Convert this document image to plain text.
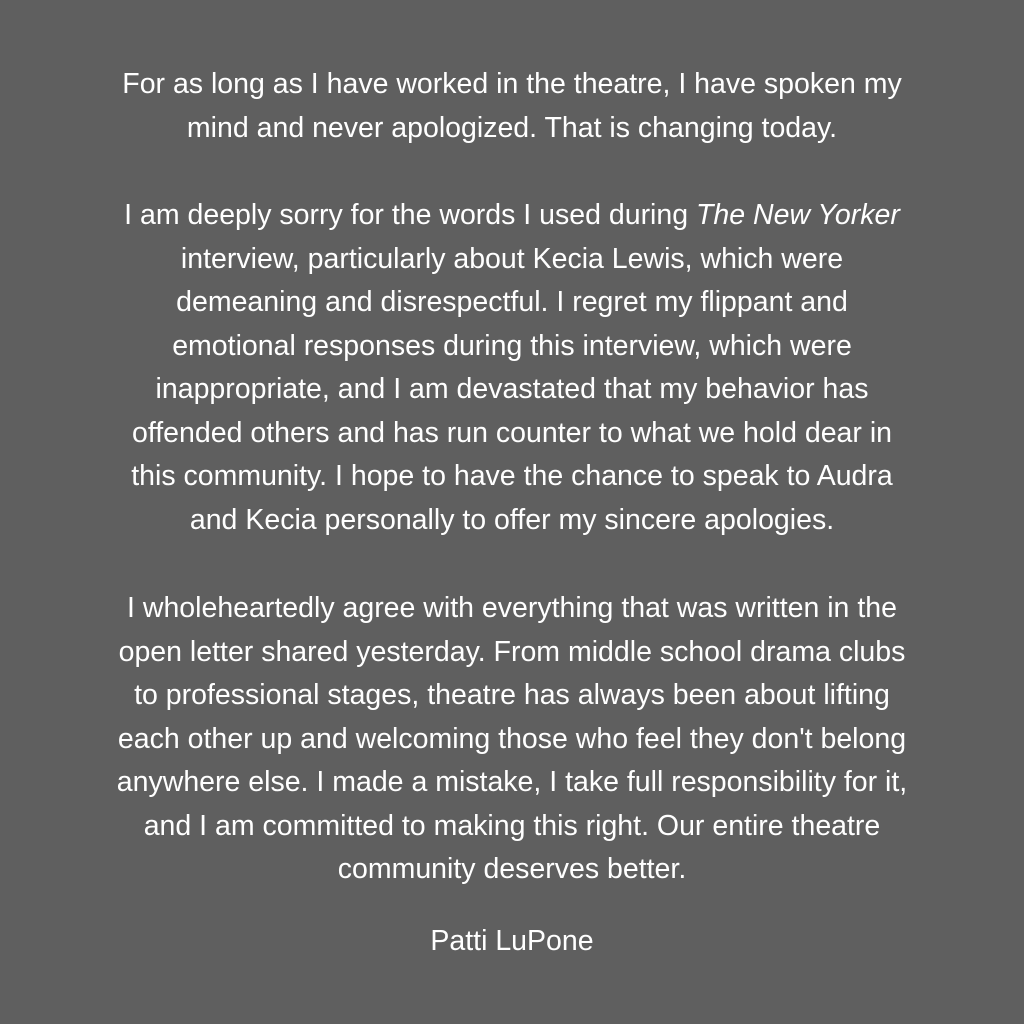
For as long as I have worked in the theatre, I have spoken my
mind and never apologized. That is changing today.

I am deeply sorry for the words I used during The New Yorker
interview, particularly about Kecia Lewis, which were
demeaning and disrespectful. I regret my flippant and
emotional responses during this interview, which were
inappropriate, and I am devastated that my behavior has
offended others and has run counter to what we hold dear in
this community. I hope to have the chance to speak to Audra
and Kecia personally to offer my sincere apologies.

I wholeheartedly agree with everything that was written in the
open letter shared yesterday. From middle school drama clubs
to professional stages, theatre has always been about lifting
each other up and welcoming those who feel they don't belong
anywhere else. I made a mistake, I take full responsibility for it,
and I am committed to making this right. Our entire theatre
community deserves better.

Patti LuPone
